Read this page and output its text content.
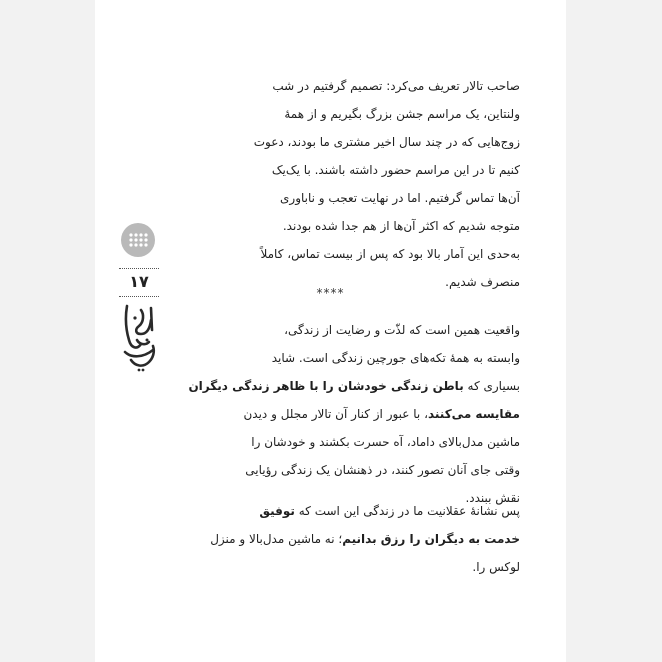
صاحب تالار تعریف می‌کرد: تصمیم گرفتیم در شب
ولنتاین، یک مراسم جشن بزرگ بگیریم و از همهٔ
زوج‌هایی که در چند سال اخیر مشتری ما بودند، دعوت
کنیم تا در این مراسم حضور داشته باشند. با یک‌یک
آن‌ها تماس گرفتیم. اما در نهایت تعجب و ناباوری
متوجه شدیم که اکثر آن‌ها از هم جدا شده بودند.
به‌حدی این آمار بالا بود که پس از بیست تماس، کاملاً
منصرف شدیم.
****
واقعیت همین است که لذّت و رضایت از زندگی،
وابسته به همهٔ تکه‌های جورچین زندگی است. شاید
بسیاری که باطن زندگی خودشان را با ظاهر زندگی دیگران
مقایسه می‌کنند، با عبور از کنار آن تالار مجلل و دیدن
ماشین مدل‌بالای داماد، آه حسرت بکشند و خودشان را
وقتی جای آنان تصور کنند، در ذهنشان یک زندگی رؤیایی
نقش ببندد.
پس نشانهٔ عقلانیت ما در زندگی این است که توفیق
خدمت به دیگران را رزق بدانیم؛ نه ماشین مدل‌بالا و منزل
لوکس را.
۱۷
